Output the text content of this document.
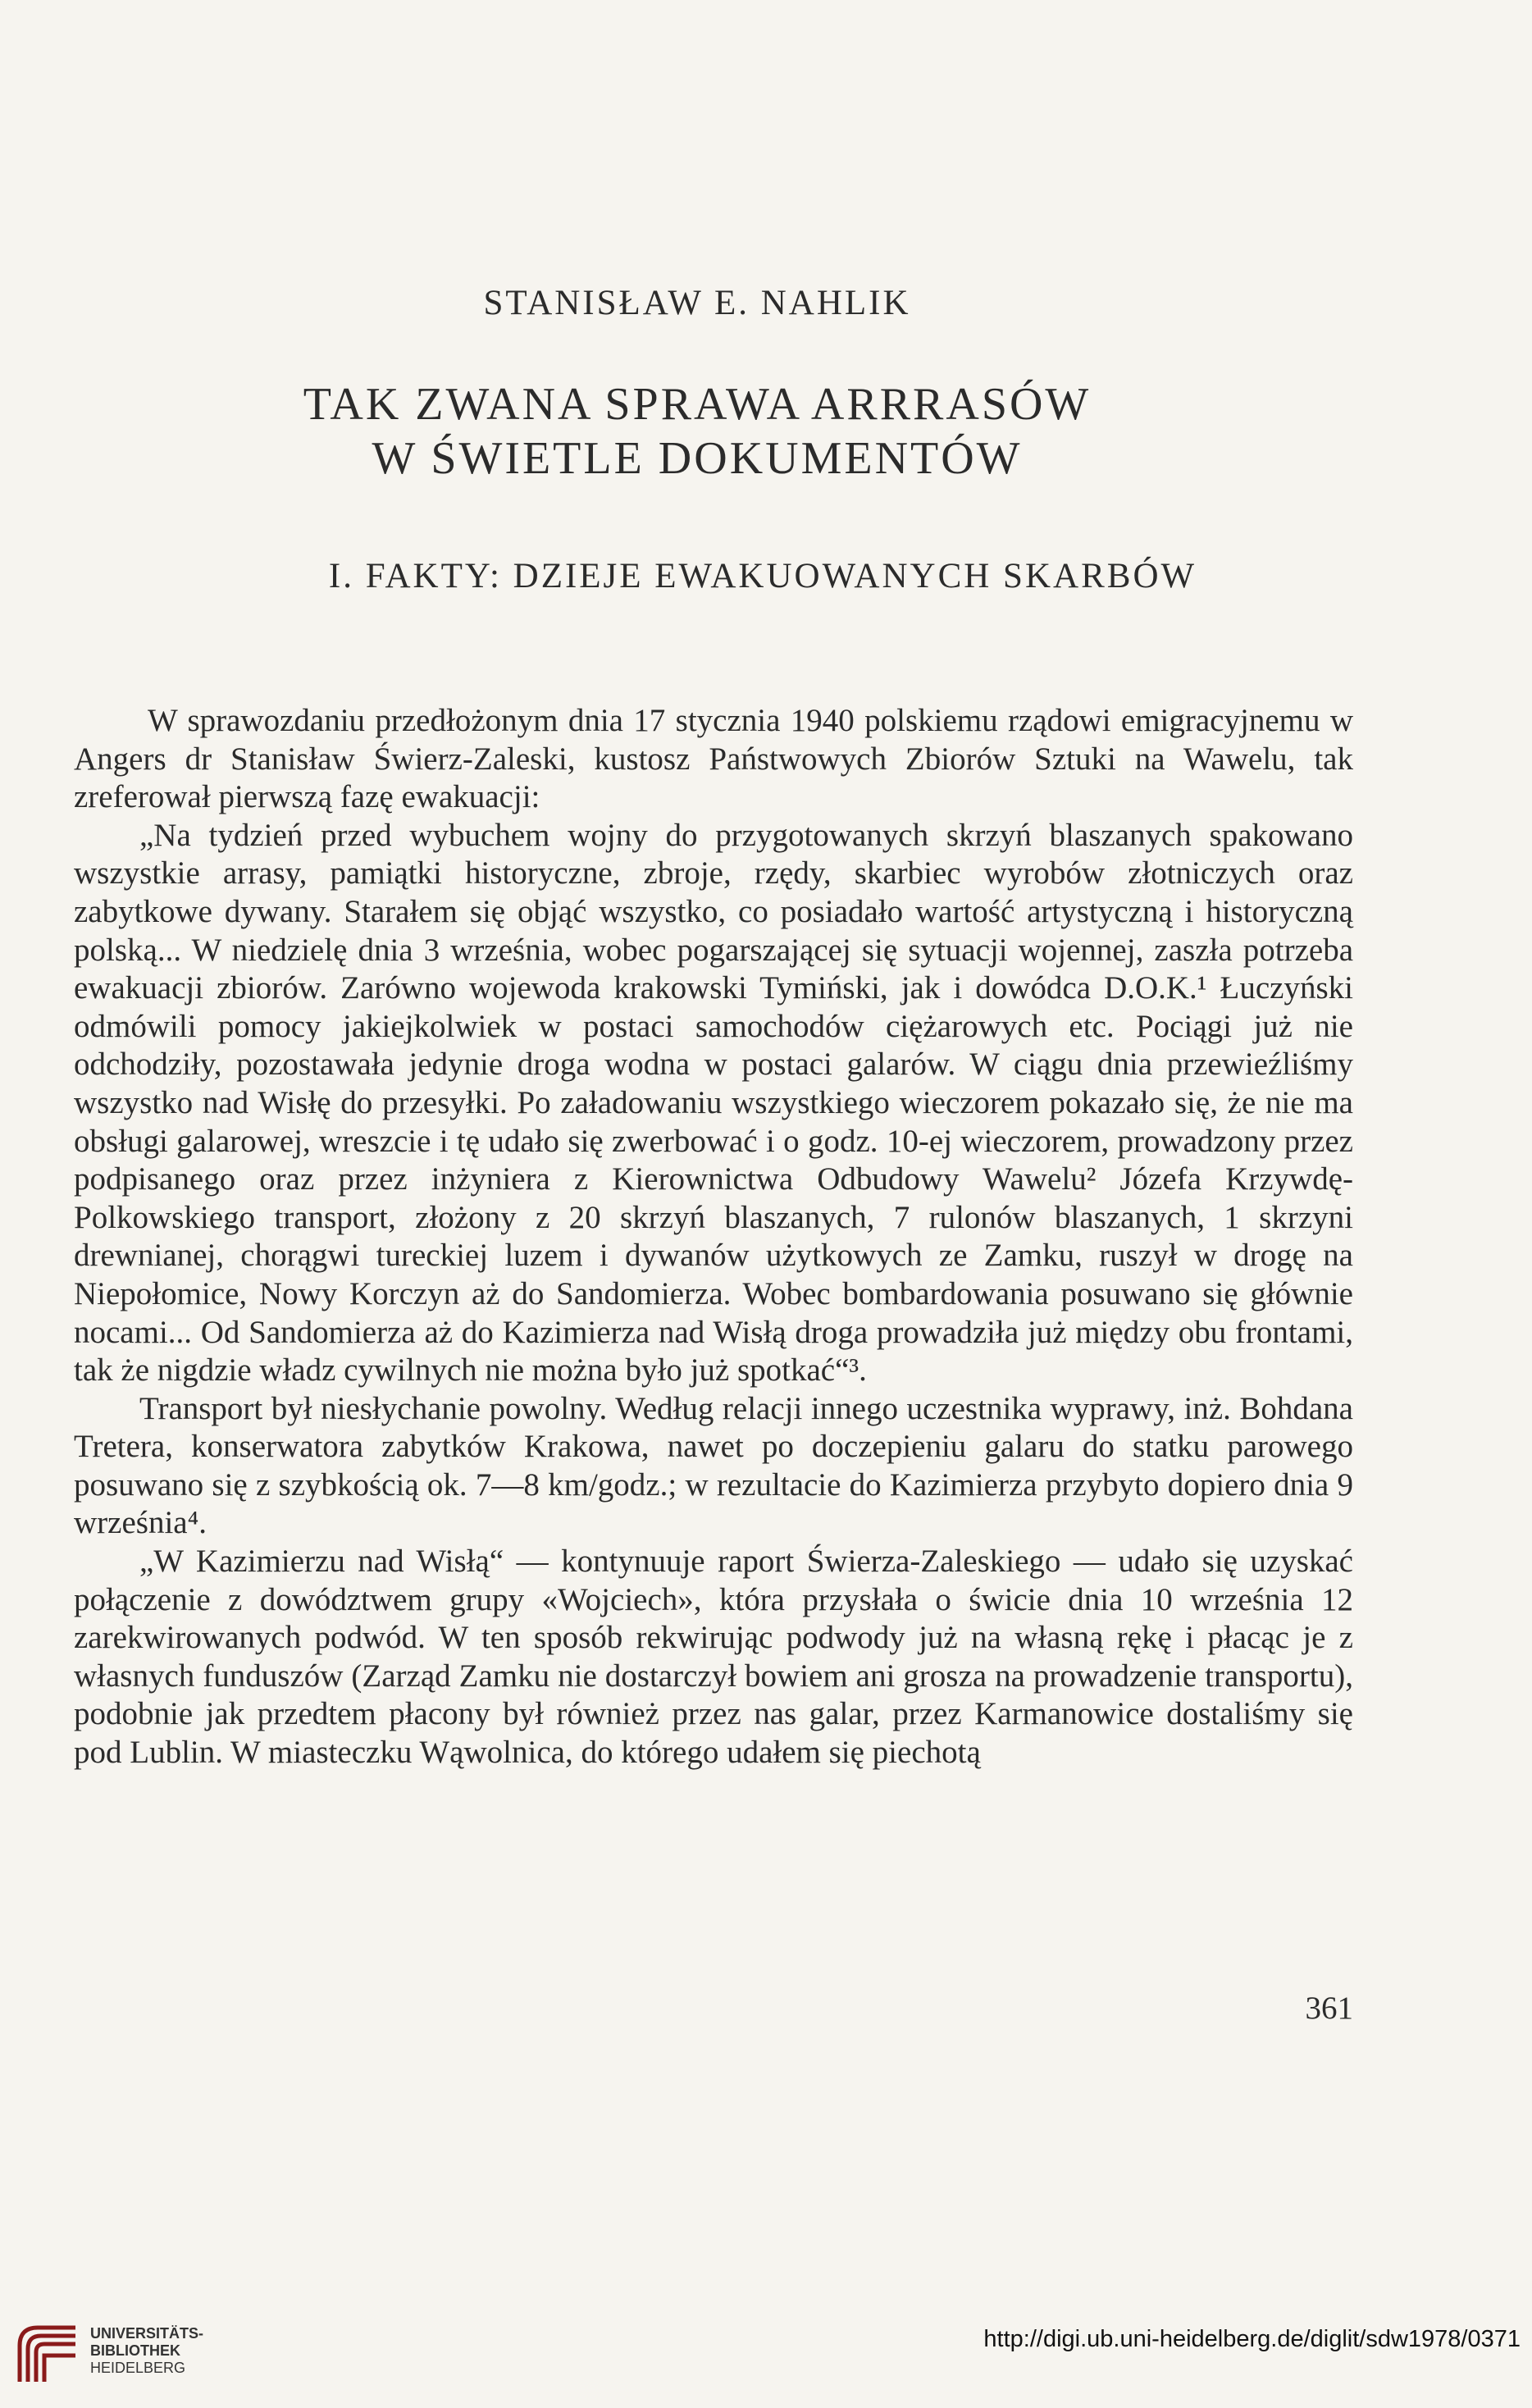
STANISŁAW E. NAHLIK
TAK ZWANA SPRAWA ARRRASÓW
W ŚWIETLE DOKUMENTÓW
I. FAKTY: DZIEJE EWAKUOWANYCH SKARBÓW

W sprawozdaniu przedłożonym dnia 17 stycznia 1940 polskiemu rządowi emigracyjnemu w Angers dr Stanisław Świerz-Zaleski, kustosz Państwowych Zbiorów Sztuki na Wawelu, tak zreferował pierwszą fazę ewakuacji:

„Na tydzień przed wybuchem wojny do przygotowanych skrzyń blaszanych spakowano wszystkie arrasy, pamiątki historyczne, zbroje, rzędy, skarbiec wyrobów złotniczych oraz zabytkowe dywany. Starałem się objąć wszystko, co posiadało wartość artystyczną i historyczną polską... W niedzielę dnia 3 września, wobec pogarszającej się sytuacji wojennej, zaszła potrzeba ewakuacji zbiorów. Zarówno wojewoda krakowski Tymiński, jak i dowódca D.O.K.¹ Łuczyński odmówili pomocy jakiejkolwiek w postaci samochodów ciężarowych etc. Pociągi już nie odchodziły, pozostawała jedynie droga wodna w postaci galarów. W ciągu dnia przewieźliśmy wszystko nad Wisłę do przesyłki. Po załadowaniu wszystkiego wieczorem pokazało się, że nie ma obsługi galarowej, wreszcie i tę udało się zwerbować i o godz. 10-ej wieczorem, prowadzony przez podpisanego oraz przez inżyniera z Kierownictwa Odbudowy Wawelu² Józefa Krzywdę-Polkowskiego transport, złożony z 20 skrzyń blaszanych, 7 rulonów blaszanych, 1 skrzyni drewnianej, chorągwi tureckiej luzem i dywanów użytkowych ze Zamku, ruszył w drogę na Niepołomice, Nowy Korczyn aż do Sandomierza. Wobec bombardowania posuwano się głównie nocami... Od Sandomierza aż do Kazimierza nad Wisłą droga prowadziła już między obu frontami, tak że nigdzie władz cywilnych nie można było już spotkać“³.

Transport był niesłychanie powolny. Według relacji innego uczestnika wyprawy, inż. Bohdana Tretera, konserwatora zabytków Krakowa, nawet po doczepieniu galaru do statku parowego posuwano się z szybkością ok. 7—8 km/godz.; w rezultacie do Kazimierza przybyto dopiero dnia 9 września⁴.

„W Kazimierzu nad Wisłą“ — kontynuuje raport Świerza-Zaleskiego — udało się uzyskać połączenie z dowództwem grupy «Wojciech», która przysłała o świcie dnia 10 września 12 zarekwirowanych podwód. W ten sposób rekwirując podwody już na własną rękę i płacąc je z własnych funduszów (Zarząd Zamku nie dostarczył bowiem ani grosza na prowadzenie transportu), podobnie jak przedtem płacony był również przez nas galar, przez Karmanowice dostaliśmy się pod Lublin. W miasteczku Wąwolnica, do którego udałem się piechotą

361
UNIVERSITÄTS-
BIBLIOTHEK
HEIDELBERG
http://digi.ub.uni-heidelberg.de/diglit/sdw1978/0371
